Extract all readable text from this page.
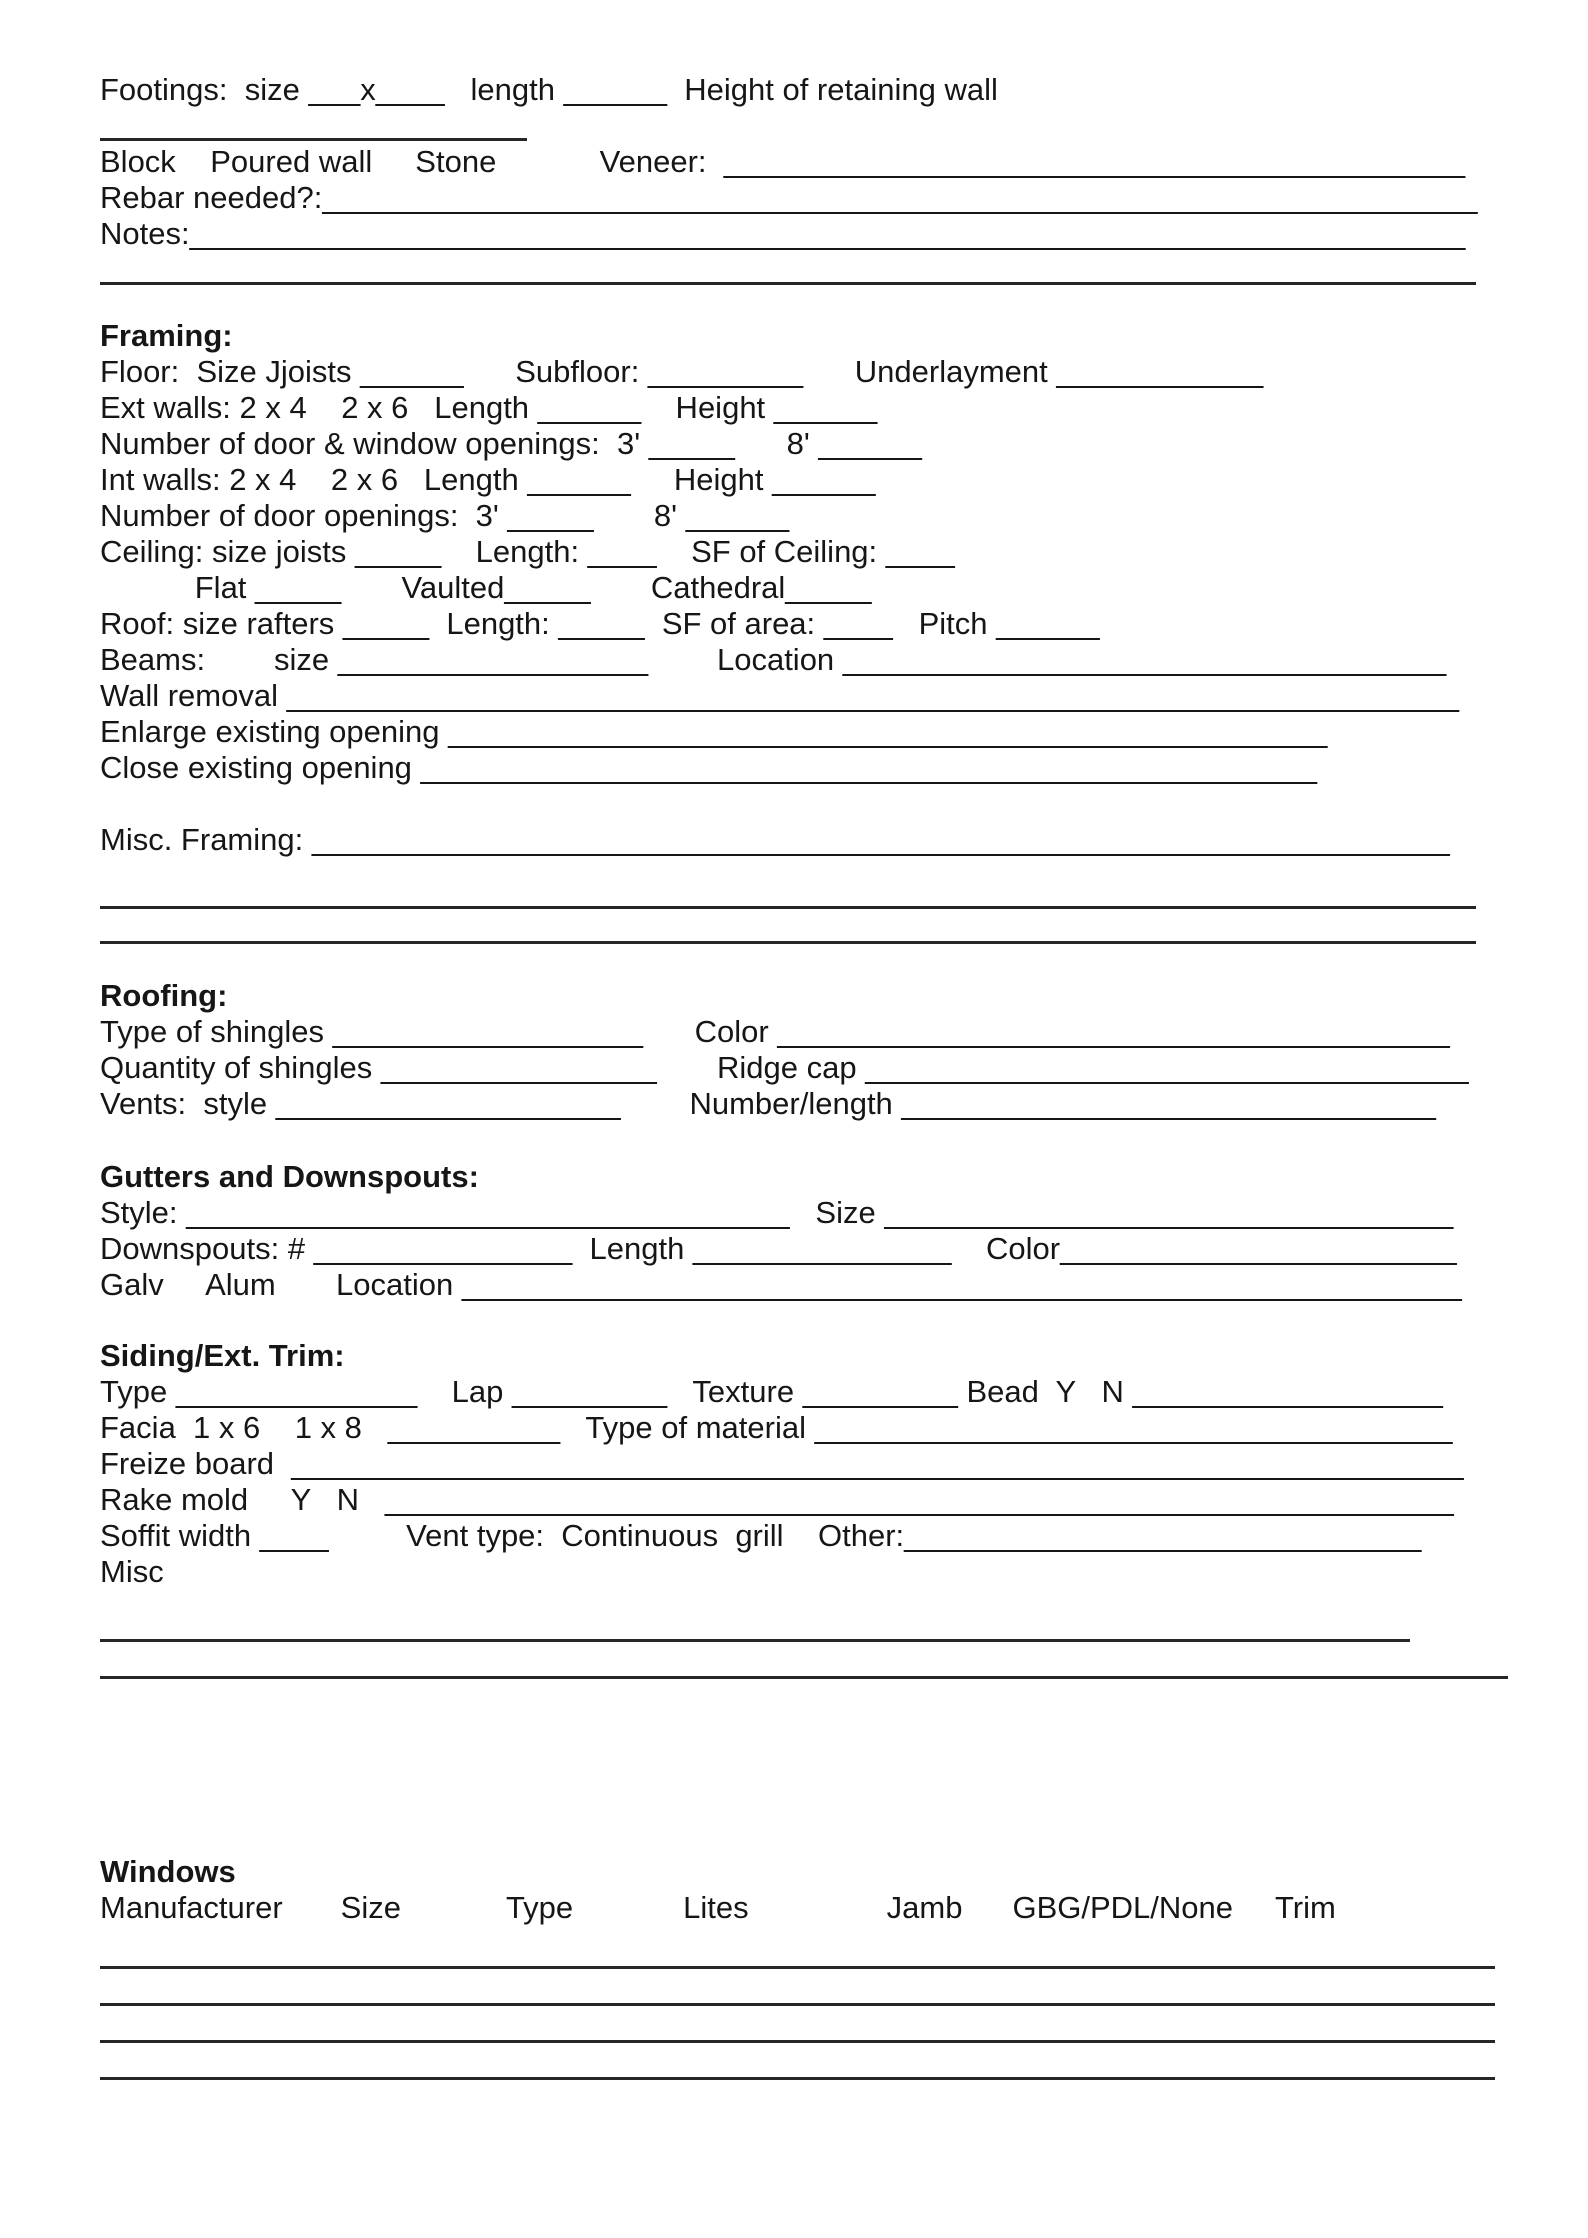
Footings:  size ___x____   length ______  Height of retaining wall
Block    Poured wall     Stone            Veneer:  ___________________________________________
Rebar needed?:___________________________________________________________________
Notes:__________________________________________________________________________
Framing:
Floor:  Size Jjoists ______      Subfloor: _________      Underlayment ____________
Ext walls: 2 x 4    2 x 6   Length ______    Height ______
Number of door & window openings:  3' _____      8' ______
Int walls: 2 x 4    2 x 6   Length ______     Height ______
Number of door openings:  3' _____       8' ______
Ceiling: size joists _____    Length: ____    SF of Ceiling: ____
Flat _____       Vaulted_____       Cathedral_____
Roof: size rafters _____  Length: _____  SF of area: ____   Pitch ______
Beams:        size __________________        Location ___________________________________
Wall removal ____________________________________________________________________
Enlarge existing opening ___________________________________________________
Close existing opening ____________________________________________________
Misc. Framing: __________________________________________________________________
Roofing:
Type of shingles __________________      Color _______________________________________
Quantity of shingles ________________       Ridge cap ___________________________________
Vents:  style ____________________        Number/length _______________________________
Gutters and Downspouts:
Style: ___________________________________   Size _________________________________
Downspouts: # _______________  Length _______________    Color_______________________
Galv     Alum       Location __________________________________________________________
Siding/Ext. Trim:
Type ______________    Lap _________   Texture _________ Bead  Y   N __________________
Facia  1 x 6    1 x 8   __________   Type of material _____________________________________
Freize board  ____________________________________________________________________
Rake mold     Y   N   ______________________________________________________________
Soffit width ____         Vent type:  Continuous  grill    Other:______________________________
Misc
Windows
Manufacturer Size	Type	Lites	Jamb GBG/PDL/None Trim
